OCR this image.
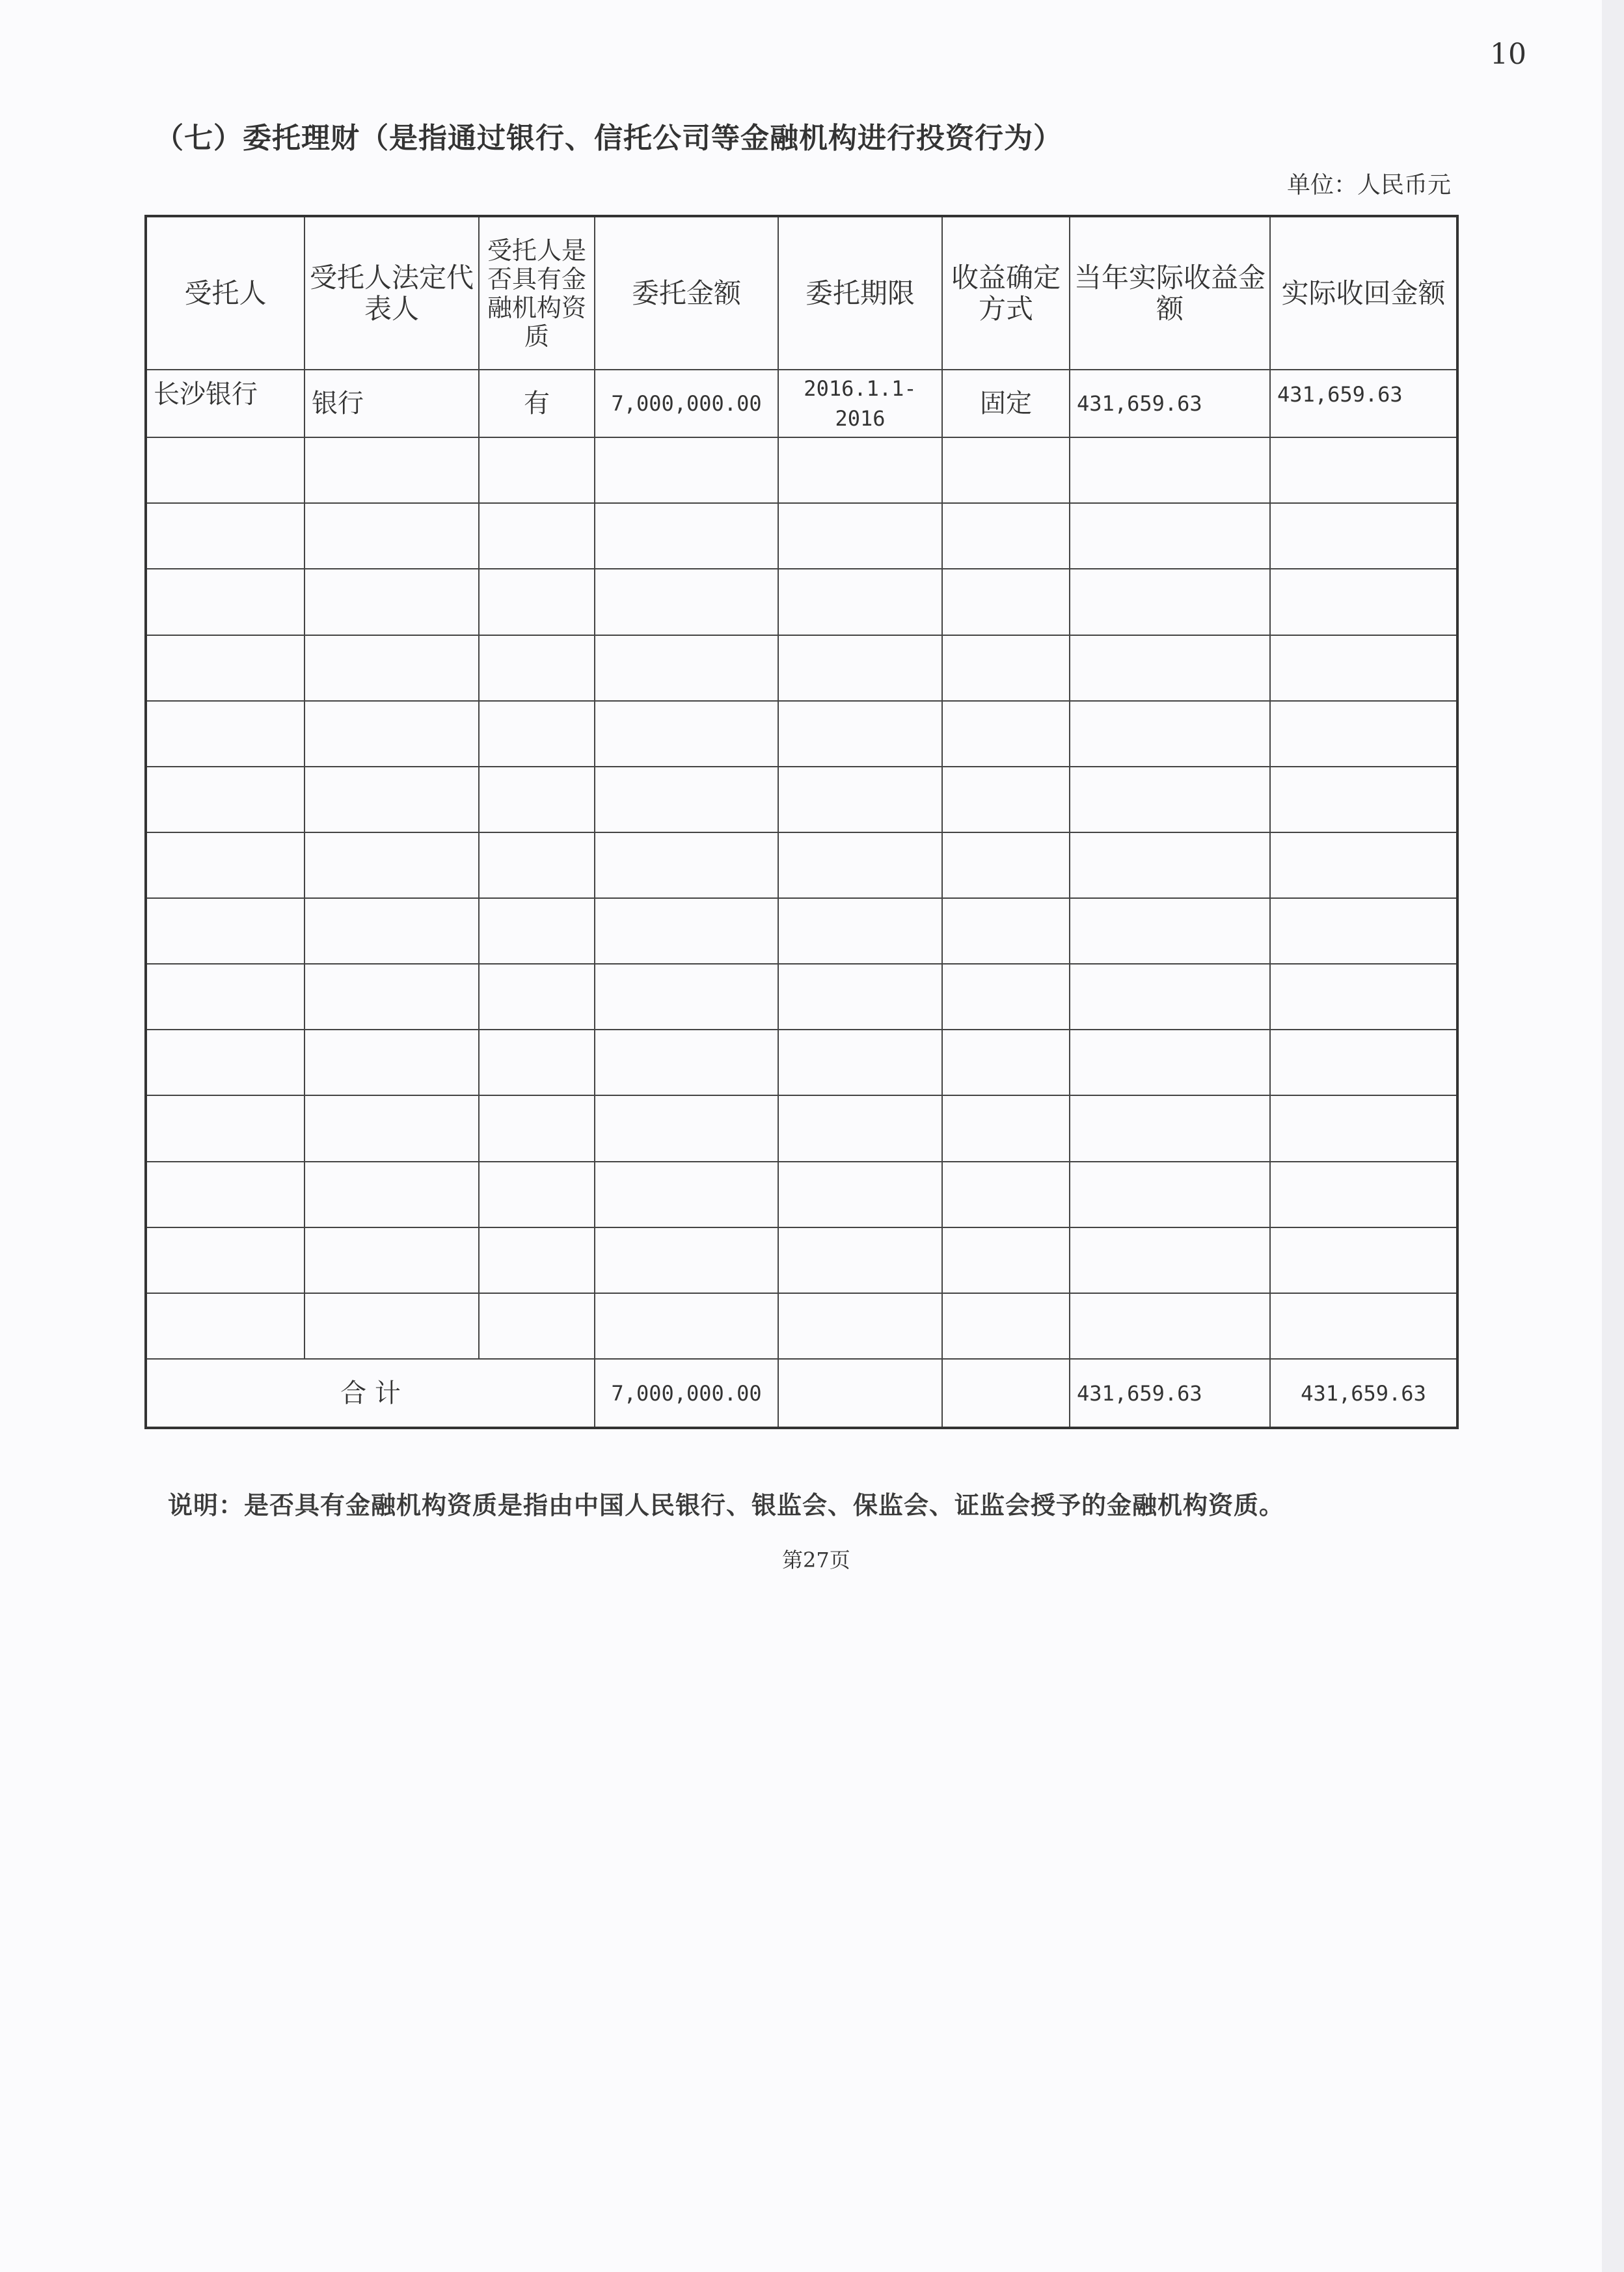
10
（七）委托理财（是指通过银行、信托公司等金融机构进行投资行为）
单位：人民币元
受托人	受托人法定代表人	受托人是否具有金融机构资质	委托金额	委托期限	收益确定方式	当年实际收益金额	实际收回金额
长沙银行	银行	有	7,000,000.00	2016.1.1-2016	固定	431,659.63	431,659.63

合 计			7,000,000.00			431,659.63	431,659.63
说明：是否具有金融机构资质是指由中国人民银行、银监会、保监会、证监会授予的金融机构资质。
第27页
